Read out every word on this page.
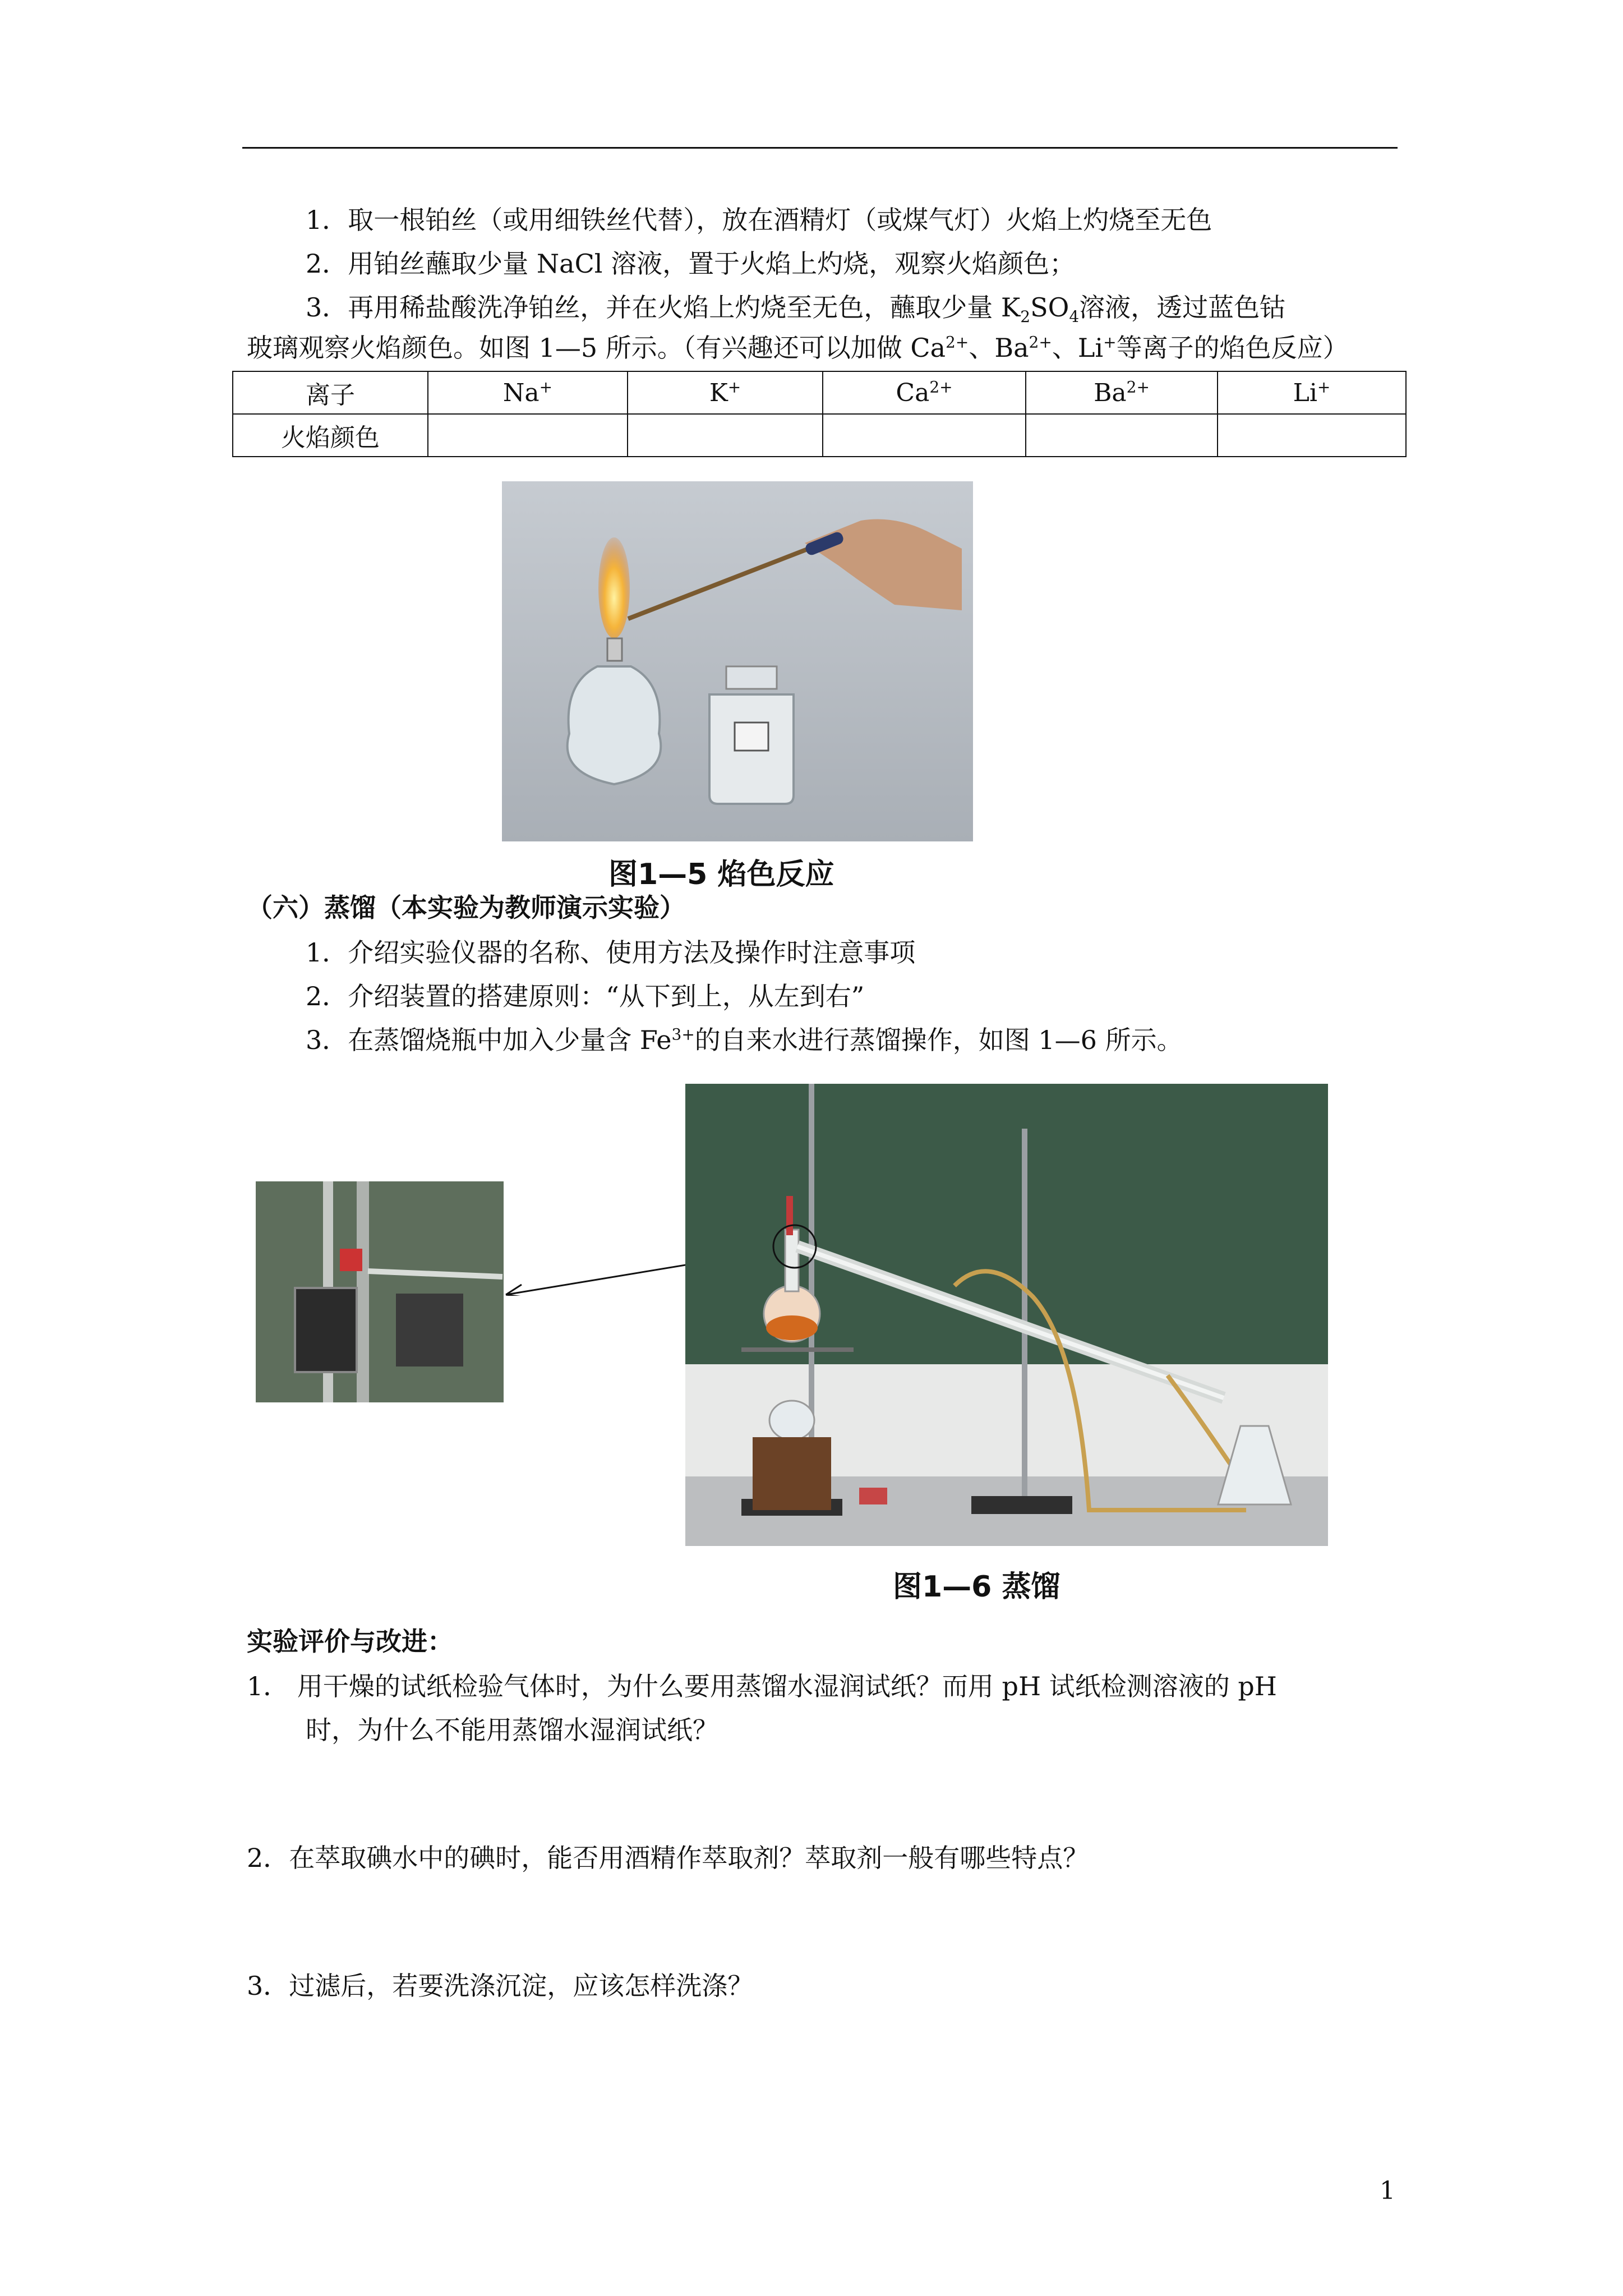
1．取一根铂丝（或用细铁丝代替），放在酒精灯（或煤气灯）火焰上灼烧至无色
2．用铂丝蘸取少量 NaCl 溶液，置于火焰上灼烧，观察火焰颜色；
3．再用稀盐酸洗净铂丝，并在火焰上灼烧至无色，蘸取少量 $K_2SO_4$溶液，透过蓝色钴
玻璃观察火焰颜色。如图 1—5 所示。（有兴趣还可以加做 $Ca^{2+}$、$Ba^{2+}$、Li+等离子的焰色反应）
离子	Na+	K+	$Ca^{2+}$	$Ba^{2+}$	Li+
火焰颜色					
图1—5 焰色反应
（六）蒸馏（本实验为教师演示实验）
1．介绍实验仪器的名称、使用方法及操作时注意事项
2．介绍装置的搭建原则：“从下到上，从左到右”
3．在蒸馏烧瓶中加入少量含 $Fe^{3+}$的自来水进行蒸馏操作，如图 1—6 所示。
图1—6 蒸馏
实验评价与改进：
1． 用干燥的试纸检验气体时，为什么要用蒸馏水湿润试纸？而用 pH 试纸检测溶液的 pH
时，为什么不能用蒸馏水湿润试纸？
2．在萃取碘水中的碘时，能否用酒精作萃取剂？萃取剂一般有哪些特点？
3．过滤后，若要洗涤沉淀，应该怎样洗涤？
1
